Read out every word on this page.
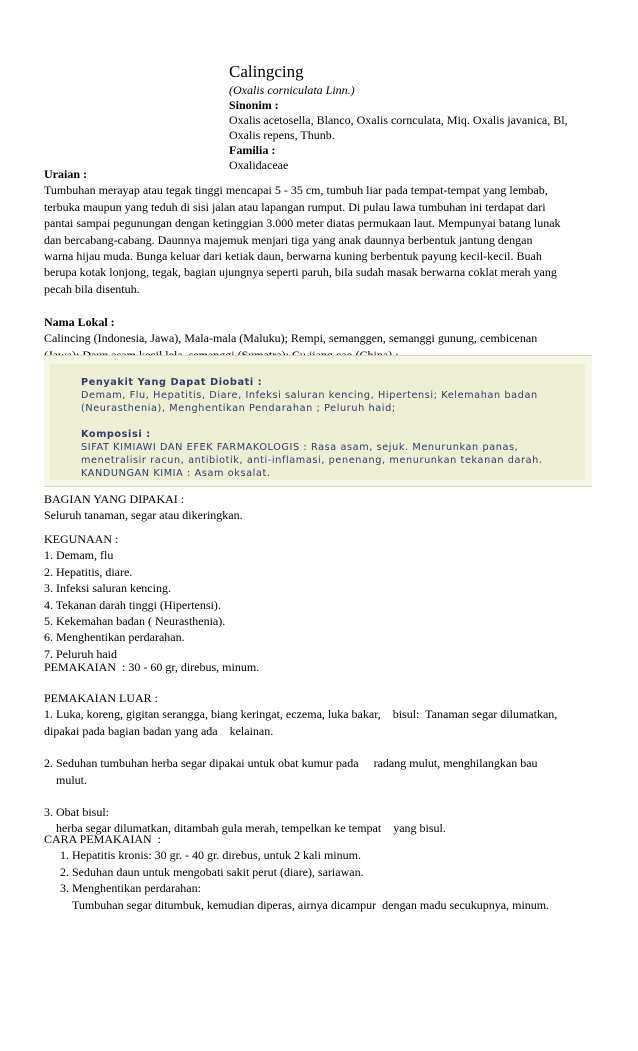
Calingcing
(Oxalis corniculata Linn.)
Sinonim :
Oxalis acetosella, Blanco, Oxalis cornculata, Miq. Oxalis javanica, Bl,
Oxalis repens, Thunb.
Familia :
Oxalidaceae
Uraian :
Tumbuhan merayap atau tegak tinggi mencapai 5 - 35 cm, tumbuh liar pada tempat-tempat yang lembab,
terbuka maupun yang teduh di sisi jalan atau lapangan rumput. Di pulau lawa tumbuhan ini terdapat dari
pantai sampai pegunungan dengan ketinggian 3.000 meter diatas permukaan laut. Mempunyai batang lunak
dan bercabang-cabang. Daunnya majemuk menjari tiga yang anak daunnya berbentuk jantung dengan
warna hijau muda. Bunga keluar dari ketiak daun, berwarna kuning berbentuk payung kecil-kecil. Buah
berupa kotak lonjong, tegak, bagian ujungnya seperti paruh, bila sudah masak berwarna coklat merah yang
pecah bila disentuh.
Nama Lokal :
Calincing (Indonesia, Jawa), Mala-mala (Maluku); Rempi, semanggen, semanggi gunung, cembicenan
Penyakit Yang Dapat Diobati :
Demam, Flu, Hepatitis, Diare, Infeksi saluran kencing, Hipertensi; Kelemahan badan
(Neurasthenia), Menghentikan Pendarahan ; Peluruh haid;
Komposisi :
SIFAT KIMIAWI DAN EFEK FARMAKOLOGIS : Rasa asam, sejuk. Menurunkan panas,
menetralisir racun, antibiotik, anti-inflamasi, penenang, menurunkan tekanan darah.
KANDUNGAN KIMIA : Asam oksalat.
BAGIAN YANG DIPAKAI :
Seluruh tanaman, segar atau dikeringkan.
KEGUNAAN :
1. Demam, flu
2. Hepatitis, diare.
3. Infeksi saluran kencing.
4. Tekanan darah tinggi (Hipertensi).
5. Kekemahan badan ( Neurasthenia).
6. Menghentikan perdarahan.
7. Peluruh haid
PEMAKAIAN  : 30 - 60 gr, direbus, minum.
PEMAKAIAN LUAR :
1. Luka, koreng, gigitan serangga, biang keringat, eczema, luka bakar,    bisul:  Tanaman segar dilumatkan,
dipakai pada bagian badan yang ada    kelainan.
2. Seduhan tumbuhan herba segar dipakai untuk obat kumur pada     radang mulut, menghilangkan bau
mulut.
3. Obat bisul:
herba segar dilumatkan, ditambah gula merah, tempelkan ke tempat    yang bisul.
CARA PEMAKAIAN  :
1. Hepatitis kronis: 30 gr. - 40 gr. direbus, untuk 2 kali minum.
2. Seduhan daun untuk mengobati sakit perut (diare), sariawan.
3. Menghentikan perdarahan:
Tumbuhan segar ditumbuk, kemudian diperas, airnya dicampur  dengan madu secukupnya, minum.
